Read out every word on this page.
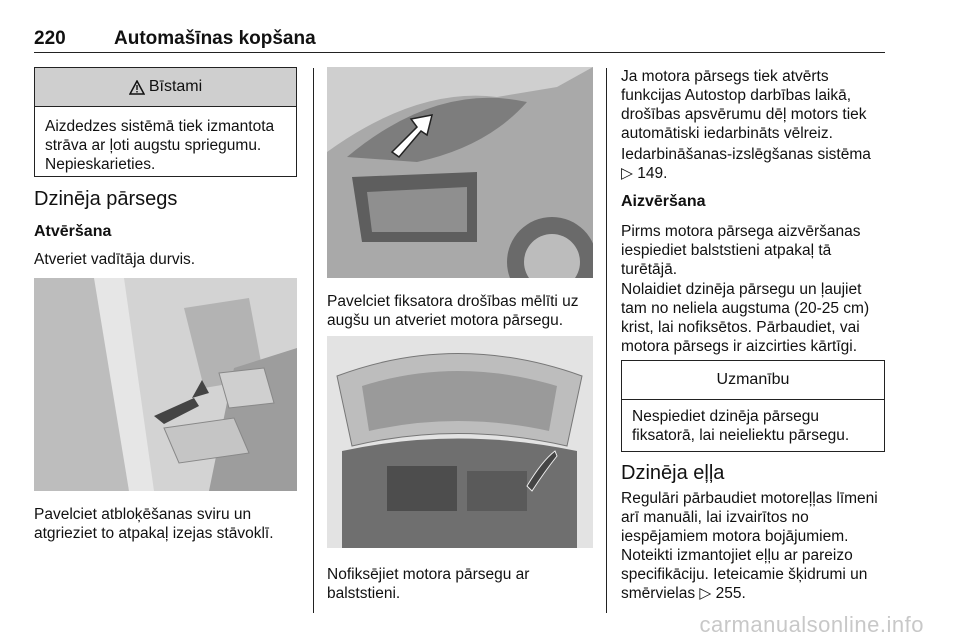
220	Automašīnas kopšana
Bīstami
Aizdedzes sistēmā tiek izmantota strāva ar ļoti augstu spriegumu. Nepieskarieties.
Dzinēja pārsegs
Atvēršana
Atveriet vadītāja durvis.
Pavelciet atbloķēšanas sviru un atgrieziet to atpakaļ izejas stāvoklī.
Pavelciet fiksatora drošības mēlīti uz augšu un atveriet motora pārsegu.
Nofiksējiet motora pārsegu ar balststieni.
Ja motora pārsegs tiek atvērts funkcijas Autostop darbības laikā, drošības apsvērumu dēļ motors tiek automātiski iedarbināts vēlreiz.
Iedarbināšanas-izslēgšanas sistēma
▷ 149.
Aizvēršana
Pirms motora pārsega aizvēršanas iespiediet balststieni atpakaļ tā turētājā.
Nolaidiet dzinēja pārsegu un ļaujiet tam no neliela augstuma (20-25 cm) krist, lai nofiksētos. Pārbaudiet, vai motora pārsegs ir aizcirties kārtīgi.
Uzmanību
Nespiediet dzinēja pārsegu fiksatorā, lai neieliektu pārsegu.
Dzinēja eļļa
Regulāri pārbaudiet motoreļļas līmeni arī manuāli, lai izvairītos no iespējamiem motora bojājumiem. Noteikti izmantojiet eļļu ar pareizo specifikāciju. Ieteicamie šķidrumi un smērvielas ▷ 255.
carmanualsonline.info
